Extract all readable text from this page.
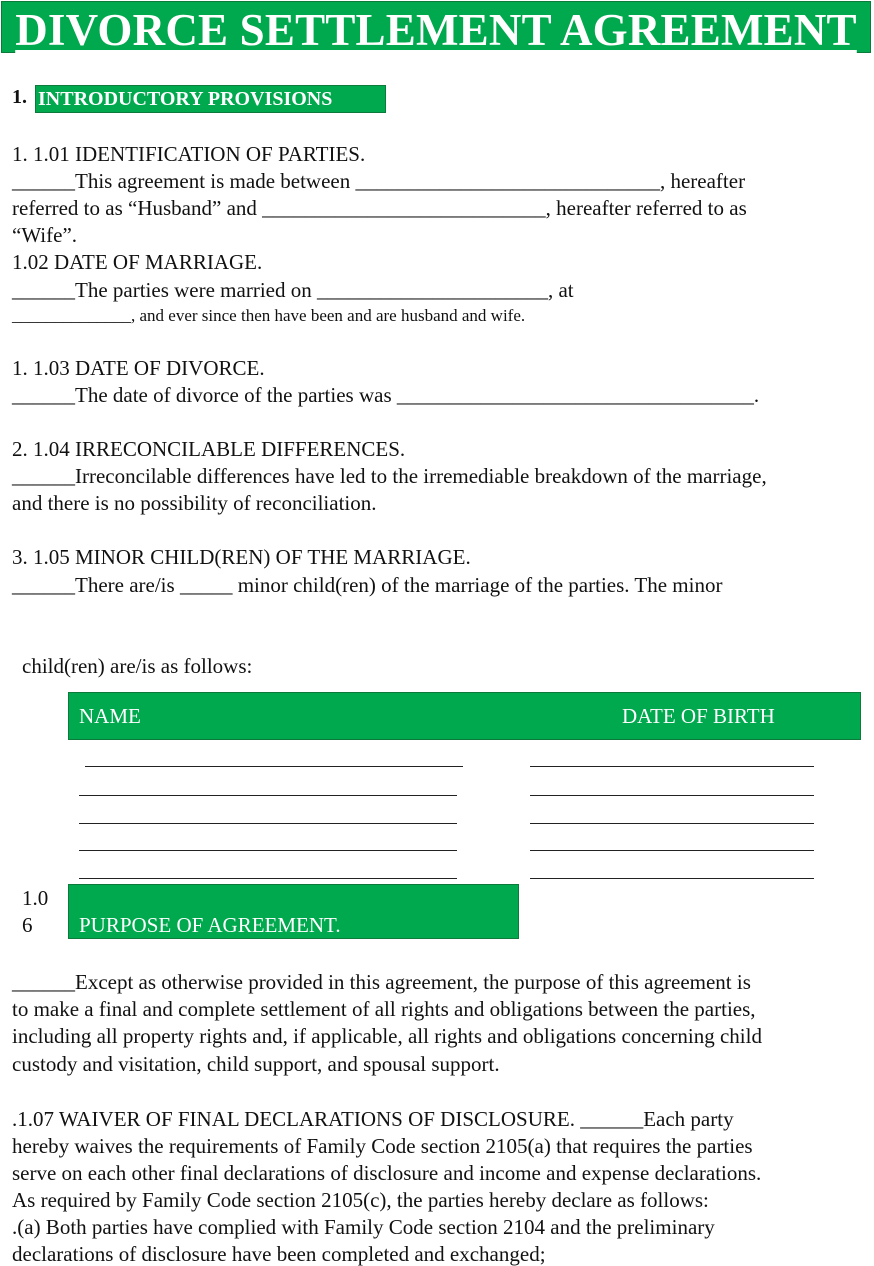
DIVORCE SETTLEMENT AGREEMENT
1. INTRODUCTORY PROVISIONS
1. 1.01 IDENTIFICATION OF PARTIES.
______This agreement is made between _____________________________, hereafter
referred to as “Husband” and ___________________________, hereafter referred to as
“Wife”.
1.02 DATE OF MARRIAGE.
______The parties were married on ______________________, at
______________, and ever since then have been and are husband and wife.
1. 1.03 DATE OF DIVORCE.
______The date of divorce of the parties was __________________________________.
2. 1.04 IRRECONCILABLE DIFFERENCES.
______Irreconcilable differences have led to the irremediable breakdown of the marriage,
and there is no possibility of reconciliation.
3. 1.05 MINOR CHILD(REN) OF THE MARRIAGE.
______There are/is _____ minor child(ren) of the marriage of the parties. The minor
child(ren) are/is as follows:
NAME	DATE OF BIRTH
1.0
6 PURPOSE OF AGREEMENT.
______Except as otherwise provided in this agreement, the purpose of this agreement is
to make a final and complete settlement of all rights and obligations between the parties,
including all property rights and, if applicable, all rights and obligations concerning child
custody and visitation, child support, and spousal support.
.1.07 WAIVER OF FINAL DECLARATIONS OF DISCLOSURE. ______Each party
hereby waives the requirements of Family Code section 2105(a) that requires the parties
serve on each other final declarations of disclosure and income and expense declarations.
As required by Family Code section 2105(c), the parties hereby declare as follows:
.(a) Both parties have complied with Family Code section 2104 and the preliminary
declarations of disclosure have been completed and exchanged;
